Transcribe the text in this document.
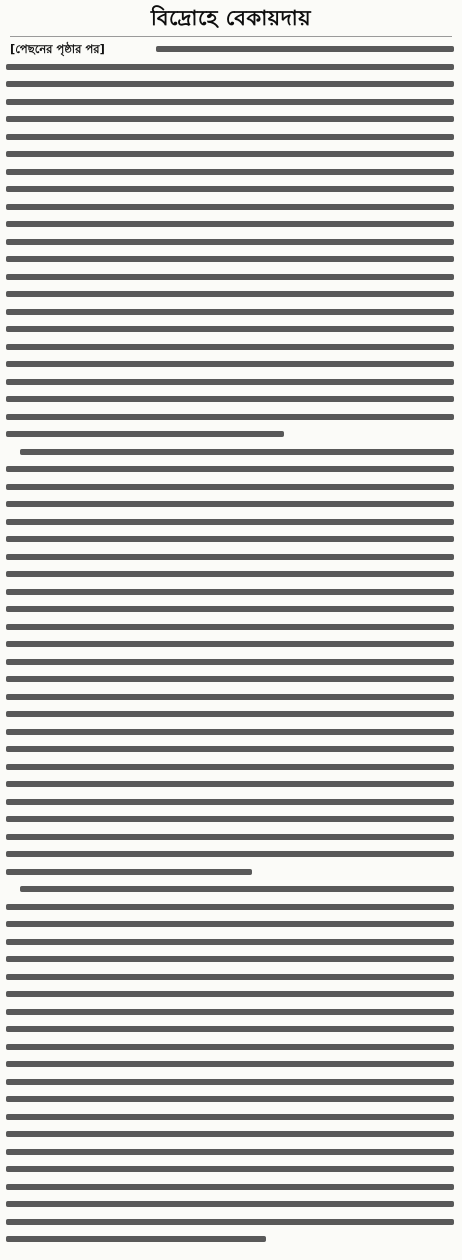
বিদ্রোহে বেকায়দায়
[পেছনের পৃষ্ঠার পর]
